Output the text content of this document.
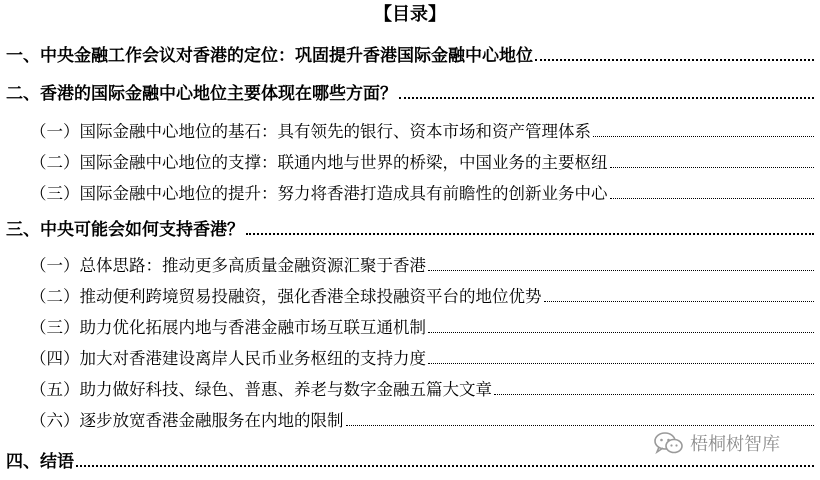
【目录】
一、中央金融工作会议对香港的定位：巩固提升香港国际金融中心地位
二、香港的国际金融中心地位主要体现在哪些方面？
（一）国际金融中心地位的基石：具有领先的银行、资本市场和资产管理体系
（二）国际金融中心地位的支撑：联通内地与世界的桥梁，中国业务的主要枢纽
（三）国际金融中心地位的提升：努力将香港打造成具有前瞻性的创新业务中心
三、中央可能会如何支持香港？
（一）总体思路：推动更多高质量金融资源汇聚于香港
（二）推动便利跨境贸易投融资，强化香港全球投融资平台的地位优势
（三）助力优化拓展内地与香港金融市场互联互通机制
（四）加大对香港建设离岸人民币业务枢纽的支持力度
（五）助力做好科技、绿色、普惠、养老与数字金融五篇大文章
（六）逐步放宽香港金融服务在内地的限制
四、结语
梧桐树智库
